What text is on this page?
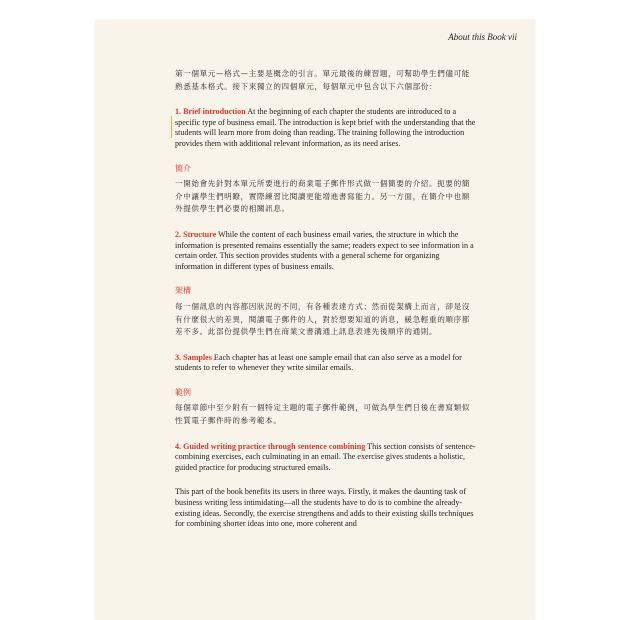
About this Book vii

第一個單元—格式—主要是概念的引言。單元最後的練習題，可幫助學生們儘可能熟悉基本格式。接下來獨立的四個單元，每個單元中包含以下六個部份：

1. Brief introduction At the beginning of each chapter the students are introduced to a specific type of business email. The introduction is kept brief with the understanding that the students will learn more from doing than reading. The training following the introduction provides them with additional relevant information, as its need arises.

簡介

一開始會先針對本單元所要進行的商業電子郵件形式做一個簡要的介紹。扼要的簡介中讓學生們明瞭，實際練習比閱讀更能增進書寫能力。另一方面，在簡介中也額外提供學生們必要的相關訊息。

2. Structure While the content of each business email varies, the structure in which the information is presented remains essentially the same; readers expect to see information in a certain order. This section provides students with a general scheme for organizing information in different types of business emails.

架構

每一個訊息的內容都因狀況的不同，有各種表達方式；然而從架構上而言，卻是沒有什麼很大的差異，閱讀電子郵件的人，對於想要知道的消息，緩急輕重的順序都差不多。此部份提供學生們在商業文書溝通上訊息表達先後順序的通則。

3. Samples Each chapter has at least one sample email that can also serve as a model for students to refer to whenever they write similar emails.

範例

每個章節中至少附有一個特定主題的電子郵件範例，可做為學生們日後在書寫類似性質電子郵件時的參考範本。

4. Guided writing practice through sentence combining This section consists of sentence-combining exercises, each culminating in an email. The exercise gives students a holistic, guided practice for producing structured emails.

This part of the book benefits its users in three ways. Firstly, it makes the daunting task of business writing less intimidating—all the students have to do is to combine the already-existing ideas. Secondly, the exercise strengthens and adds to their existing skills techniques for combining shorter ideas into one, more coherent and
